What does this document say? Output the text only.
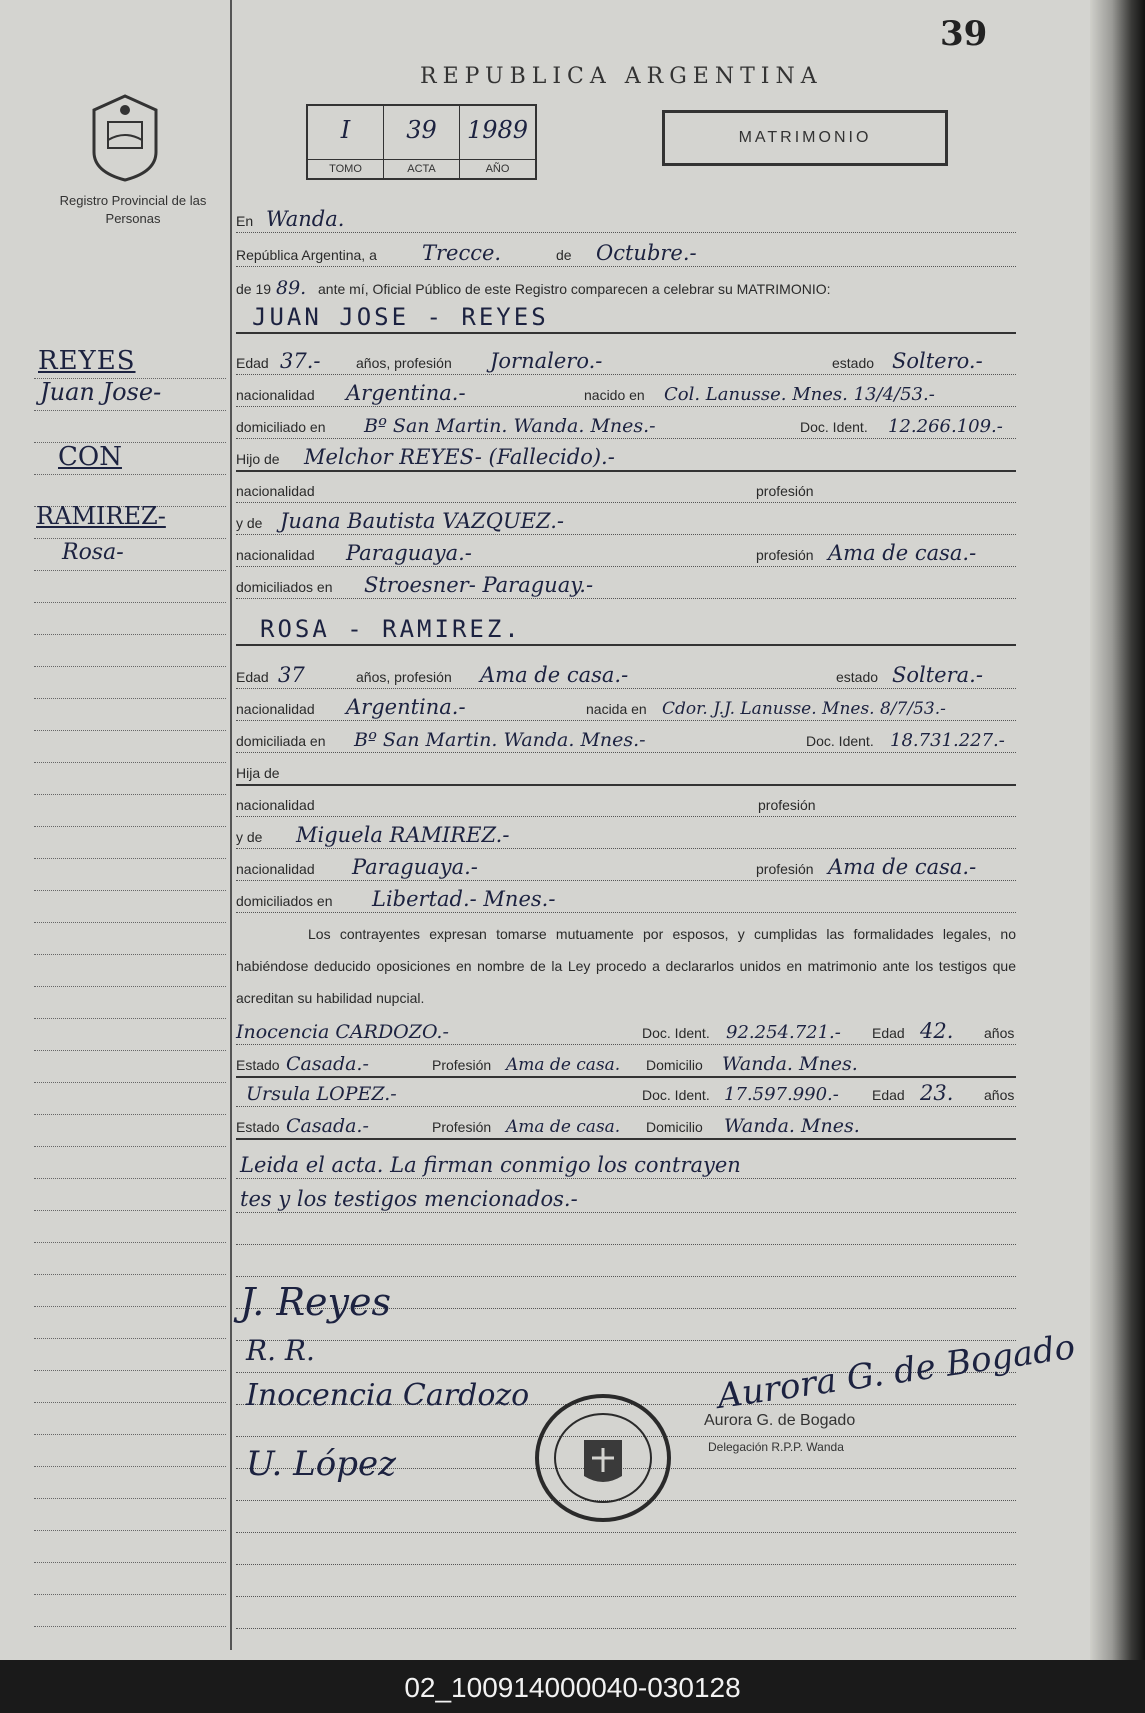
39
REPUBLICA ARGENTINA
Registro Provincial de las Personas
I
TOMO
39
ACTA
1989
AÑO
MATRIMONIO
REYES
Juan Jose-
CON
RAMIREZ-
Rosa-
En Wanda.
República Argentina, a Trecce.	de Octubre.-
de 19 89. ante mí, Oficial Público de este Registro comparecen a celebrar su MATRIMONIO:
JUAN JOSE - REYES
Edad 37.-	años, profesión Jornalero.-	estado Soltero.-
nacionalidad Argentina.-	nacido en Col. Lanusse. Mnes. 13/4/53.-
domiciliado en Bº San Martin. Wanda. Mnes.-	Doc. Ident. 12.266.109.-
Hijo de Melchor REYES- (Fallecido).-
nacionalidad	profesión
y de Juana Bautista VAZQUEZ.-
nacionalidad Paraguaya.-	profesión Ama de casa.-
domiciliados en Stroesner- Paraguay.-
ROSA - RAMIREZ.
Edad 37	años, profesión Ama de casa.-	estado Soltera.-
nacionalidad Argentina.-	nacida en Cdor. J.J. Lanusse. Mnes. 8/7/53.-
domiciliada en Bº San Martin. Wanda. Mnes.-	Doc. Ident. 18.731.227.-
Hija de
nacionalidad	profesión
y de Miguela RAMIREZ.-
nacionalidad Paraguaya.-	profesión Ama de casa.-
domiciliados en Libertad.- Mnes.-
Los contrayentes expresan tomarse mutuamente por esposos, y cumplidas las formalidades legales, no habiéndose deducido oposiciones en nombre de la Ley procedo a declararlos unidos en matrimonio ante los testigos que acreditan su habilidad nupcial.
Inocencia CARDOZO.-	Doc. Ident. 92.254.721.- Edad 42. años
Estado Casada.-	Profesión Ama de casa. Domicilio Wanda. Mnes.
Ursula LOPEZ.-	Doc. Ident. 17.597.990.- Edad 23. años
Estado Casada.-	Profesión Ama de casa. Domicilio Wanda. Mnes.
Leida el acta. La firman conmigo los contrayen
tes y los testigos mencionados.-
J. Reyes
R. R.
Inocencia Cardozo
U. López
Aurora G. de Bogado
Aurora G. de Bogado
Delegación R.P.P. Wanda
02_100914000040-030128
